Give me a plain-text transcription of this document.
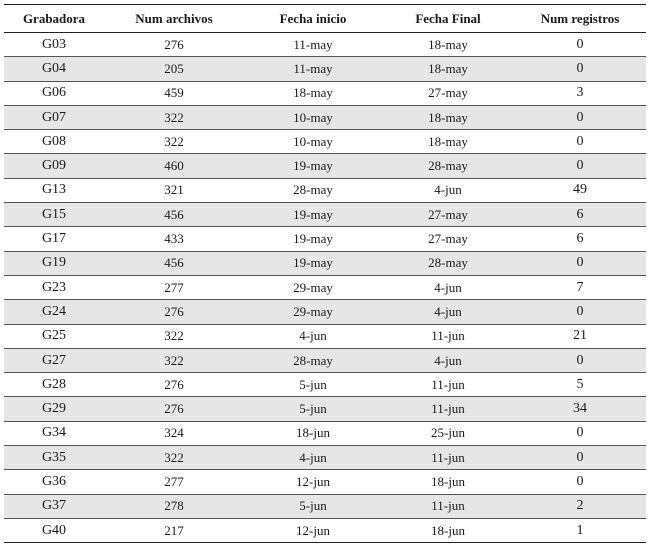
Grabadora	Num archivos	Fecha inicio	Fecha Final	Num registros
G03	276	11-may	18-may	0
G04	205	11-may	18-may	0
G06	459	18-may	27-may	3
G07	322	10-may	18-may	0
G08	322	10-may	18-may	0
G09	460	19-may	28-may	0
G13	321	28-may	4-jun	49
G15	456	19-may	27-may	6
G17	433	19-may	27-may	6
G19	456	19-may	28-may	0
G23	277	29-may	4-jun	7
G24	276	29-may	4-jun	0
G25	322	4-jun	11-jun	21
G27	322	28-may	4-jun	0
G28	276	5-jun	11-jun	5
G29	276	5-jun	11-jun	34
G34	324	18-jun	25-jun	0
G35	322	4-jun	11-jun	0
G36	277	12-jun	18-jun	0
G37	278	5-jun	11-jun	2
G40	217	12-jun	18-jun	1
